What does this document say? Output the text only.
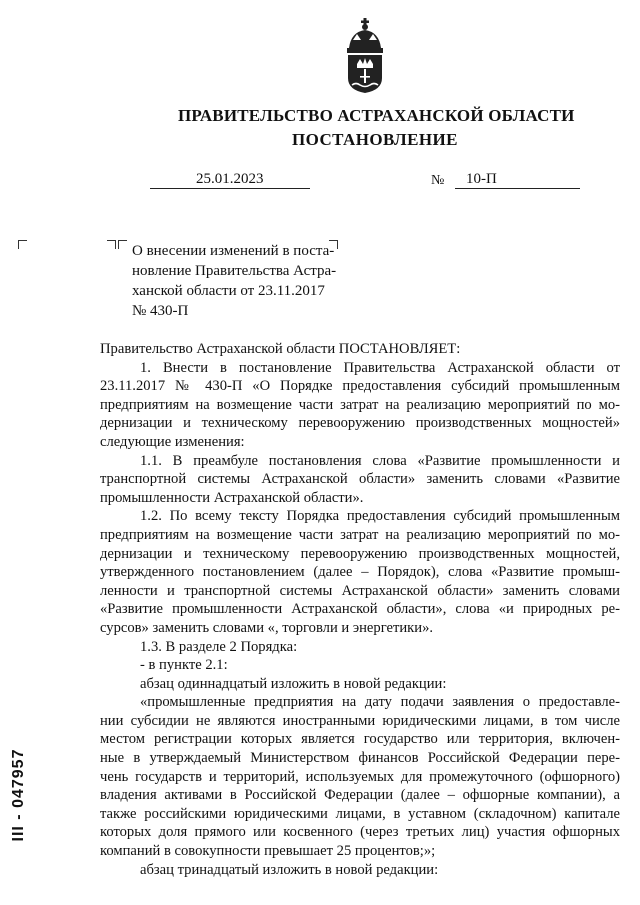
ПРАВИТЕЛЬСТВО АСТРАХАНСКОЙ ОБЛАСТИ
ПОСТАНОВЛЕНИЕ
25.01.2023	№ 10-П
О внесении изменений в поста-
новление Правительства Астра-
ханской области от 23.11.2017
№ 430-П
III - 047957
Правительство Астраханской области ПОСТАНОВЛЯЕТ:
1. Внести в постановление Правительства Астраханской области от
23.11.2017 № 430-П «О Порядке предоставления субсидий промышленным
предприятиям на возмещение части затрат на реализацию мероприятий по мо-
дернизации и техническому перевооружению производственных мощностей»
следующие изменения:
1.1. В преамбуле постановления слова «Развитие промышленности и
транспортной системы Астраханской области» заменить словами «Развитие
промышленности Астраханской области».
1.2. По всему тексту Порядка предоставления субсидий промышленным
предприятиям на возмещение части затрат на реализацию мероприятий по мо-
дернизации и техническому перевооружению производственных мощностей,
утвержденного постановлением (далее – Порядок), слова «Развитие промыш-
ленности и транспортной системы Астраханской области» заменить словами
«Развитие промышленности Астраханской области», слова «и природных ре-
сурсов» заменить словами «, торговли и энергетики».
1.3. В разделе 2 Порядка:
- в пункте 2.1:
абзац одиннадцатый изложить в новой редакции:
«промышленные предприятия на дату подачи заявления о предоставле-
нии субсидии не являются иностранными юридическими лицами, в том числе
местом регистрации которых является государство или территория, включен-
ные в утверждаемый Министерством финансов Российской Федерации пере-
чень государств и территорий, используемых для промежуточного (офшорного)
владения активами в Российской Федерации (далее – офшорные компании), а
также российскими юридическими лицами, в уставном (складочном) капитале
которых доля прямого или косвенного (через третьих лиц) участия офшорных
компаний в совокупности превышает 25 процентов;»;
абзац тринадцатый изложить в новой редакции:
